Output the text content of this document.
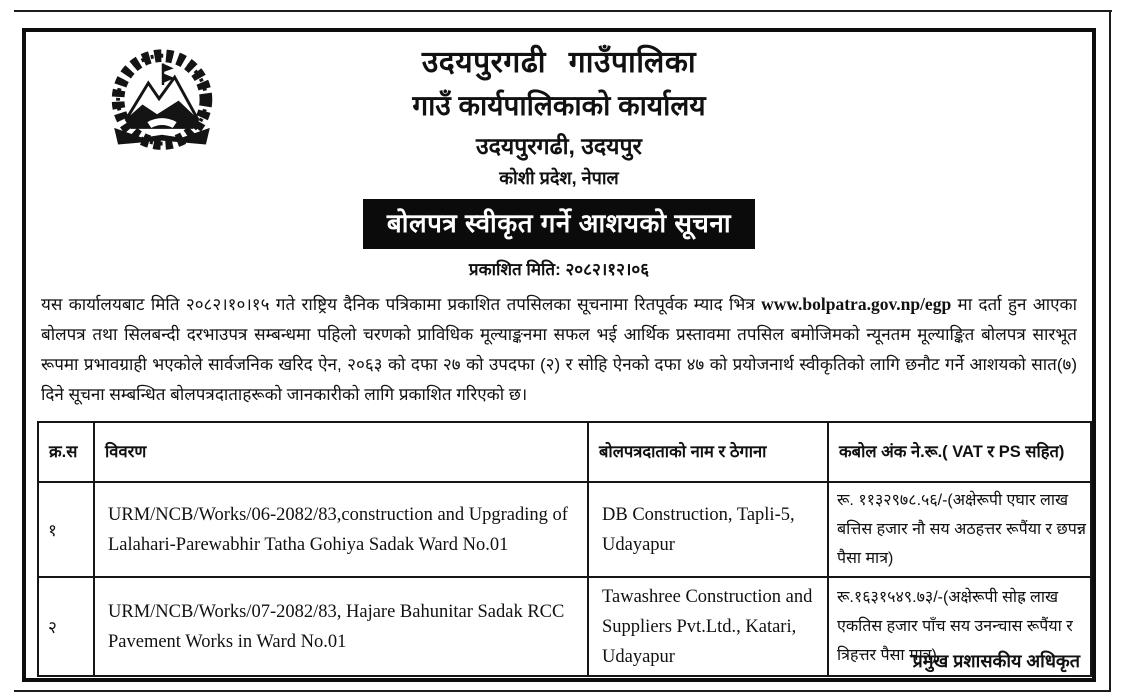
उदयपुरगढी गाउँपालिका
गाउँ कार्यपालिकाको कार्यालय
उदयपुरगढी, उदयपुर
कोशी प्रदेश, नेपाल
बोलपत्र स्वीकृत गर्ने आशयको सूचना
प्रकाशित मिति: २०८२।१२।०६
यस कार्यालयबाट मिति २०८२।१०।१५ गते राष्ट्रिय दैनिक पत्रिकामा प्रकाशित तपसिलका सूचनामा रितपूर्वक म्याद भित्र www.bolpatra.gov.np/egp मा दर्ता हुन आएका बोलपत्र तथा सिलबन्दी दरभाउपत्र सम्बन्धमा पहिलो चरणको प्राविधिक मूल्याङ्कनमा सफल भई आर्थिक प्रस्तावमा तपसिल बमोजिमको न्यूनतम मूल्याङ्कित बोलपत्र सारभूत रूपमा प्रभावग्राही भएकोले सार्वजनिक खरिद ऐन, २०६३ को दफा २७ को उपदफा (२) र सोहि ऐनको दफा ४७ को प्रयोजनार्थ स्वीकृतिको लागि छनौट गर्ने आशयको सात(७) दिने सूचना सम्बन्धित बोलपत्रदाताहरूको जानकारीको लागि प्रकाशित गरिएको छ।
क्र.स	विवरण	बोलपत्रदाताको नाम र ठेगाना	कबोल अंक ने.रू.( VAT र PS सहित)
१	URM/NCB/Works/06-2082/83,construction and Upgrading of Lalahari-Parewabhir Tatha Gohiya Sadak Ward No.01	DB Construction, Tapli-5, Udayapur	रू. ११३२९७८.५६/-(अक्षेरूपी एघार लाख बत्तिस हजार नौ सय अठहत्तर रूपैंया र छपन्न पैसा मात्र)
२	URM/NCB/Works/07-2082/83, Hajare Bahunitar Sadak RCC Pavement Works in Ward No.01	Tawashree Construction and Suppliers Pvt.Ltd., Katari, Udayapur	रू.१६३१५४९.७३/-(अक्षेरूपी सोह्र लाख एकतिस हजार पाँच सय उनन्चास रूपैंया र त्रिहत्तर पैसा मात्र)
प्रमुख प्रशासकीय अधिकृत
